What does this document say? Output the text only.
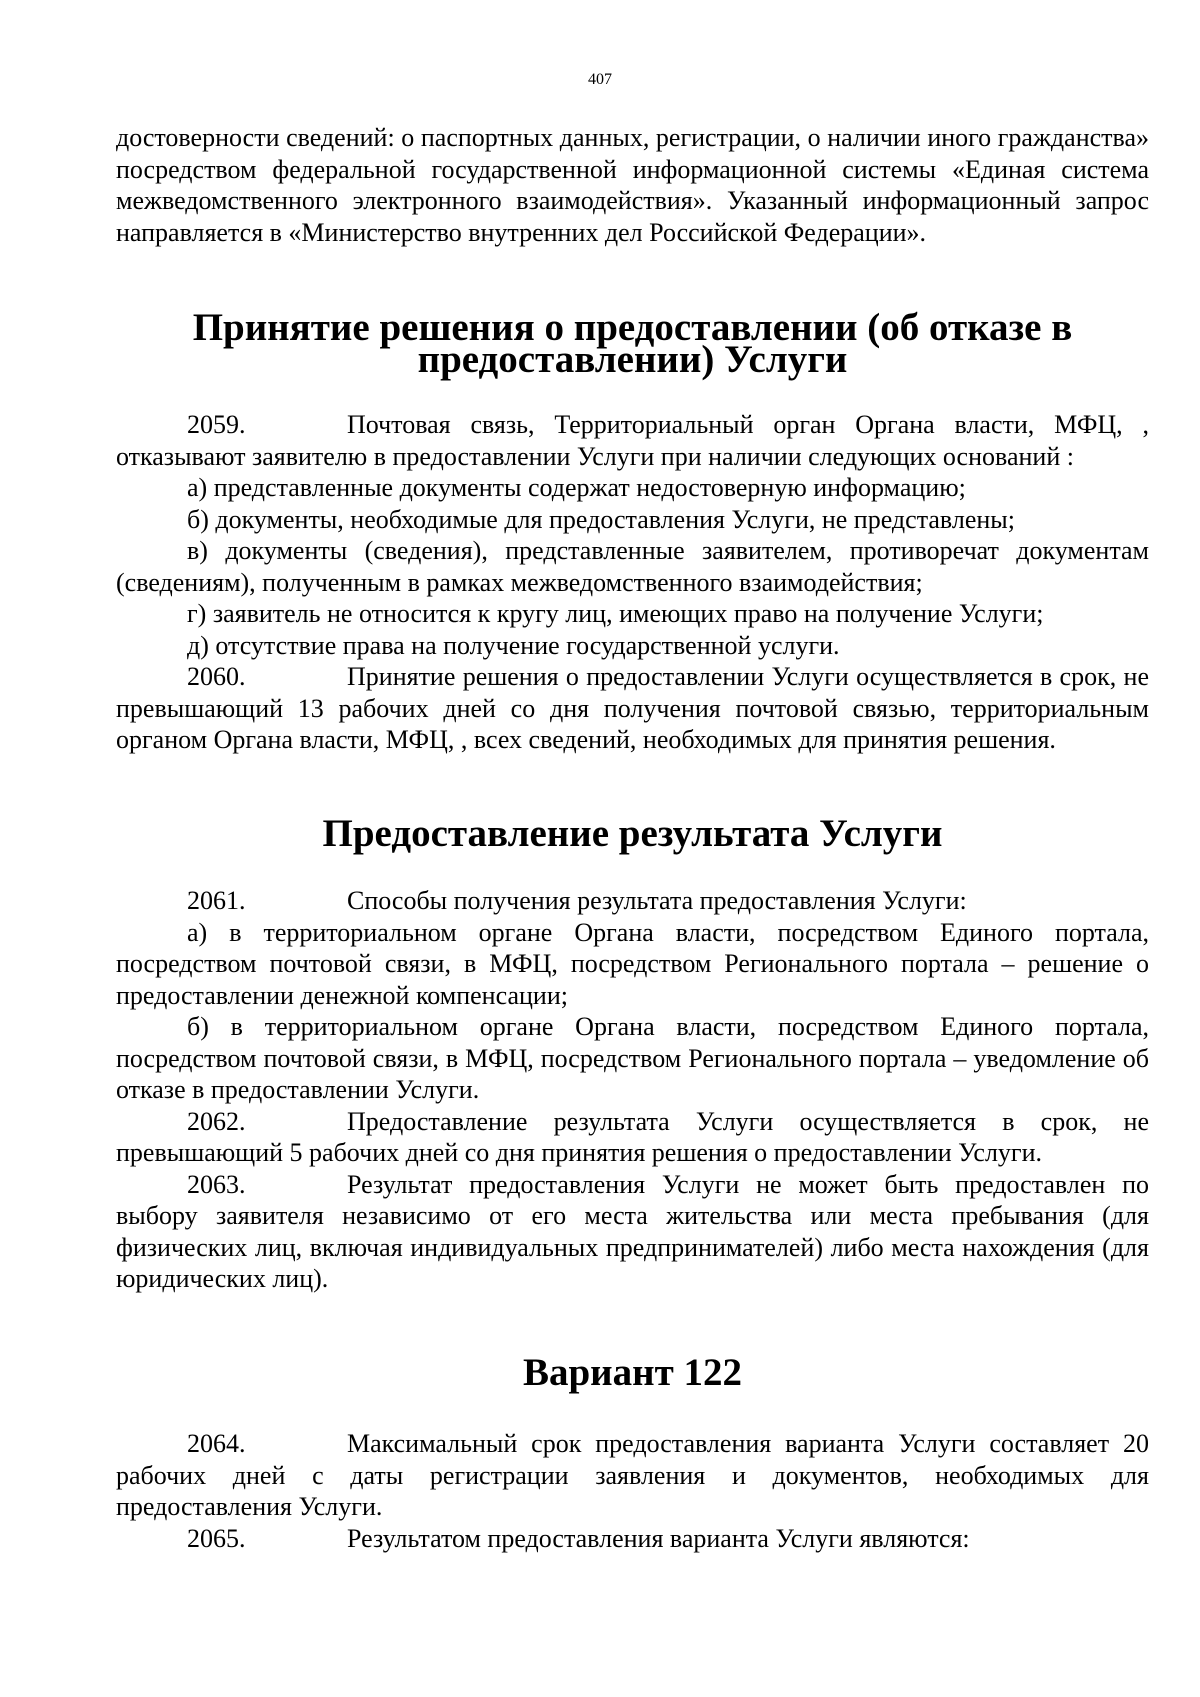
407

достоверности сведений: о паспортных данных, регистрации, о наличии иного гражданства» посредством федеральной государственной информационной системы «Единая система межведомственного электронного взаимодействия». Указанный информационный запрос направляется в «Министерство внутренних дел Российской Федерации».

Принятие решения о предоставлении (об отказе в предоставлении) Услуги

2059.	Почтовая связь, Территориальный орган Органа власти, МФЦ, , отказывают заявителю в предоставлении Услуги при наличии следующих оснований :

а) представленные документы содержат недостоверную информацию;

б) документы, необходимые для предоставления Услуги, не представлены;

в) документы (сведения), представленные заявителем, противоречат документам (сведениям), полученным в рамках межведомственного взаимодействия;

г) заявитель не относится к кругу лиц, имеющих право на получение Услуги;

д) отсутствие права на получение государственной услуги.

2060.	Принятие решения о предоставлении Услуги осуществляется в срок, не превышающий 13 рабочих дней со дня получения почтовой связью, территориальным органом Органа власти, МФЦ, , всех сведений, необходимых для принятия решения.

Предоставление результата Услуги

2061.	Способы получения результата предоставления Услуги:

а) в территориальном органе Органа власти, посредством Единого портала, посредством почтовой связи, в МФЦ, посредством Регионального портала – решение о предоставлении денежной компенсации;

б) в территориальном органе Органа власти, посредством Единого портала, посредством почтовой связи, в МФЦ, посредством Регионального портала – уведомление об отказе в предоставлении Услуги.

2062.	Предоставление результата Услуги осуществляется в срок, не превышающий 5 рабочих дней со дня принятия решения о предоставлении Услуги.

2063.	Результат предоставления Услуги не может быть предоставлен по выбору заявителя независимо от его места жительства или места пребывания (для физических лиц, включая индивидуальных предпринимателей) либо места нахождения (для юридических лиц).

Вариант 122

2064.	Максимальный срок предоставления варианта Услуги составляет 20 рабочих дней с даты регистрации заявления и документов, необходимых для предоставления Услуги.

2065.	Результатом предоставления варианта Услуги являются:
